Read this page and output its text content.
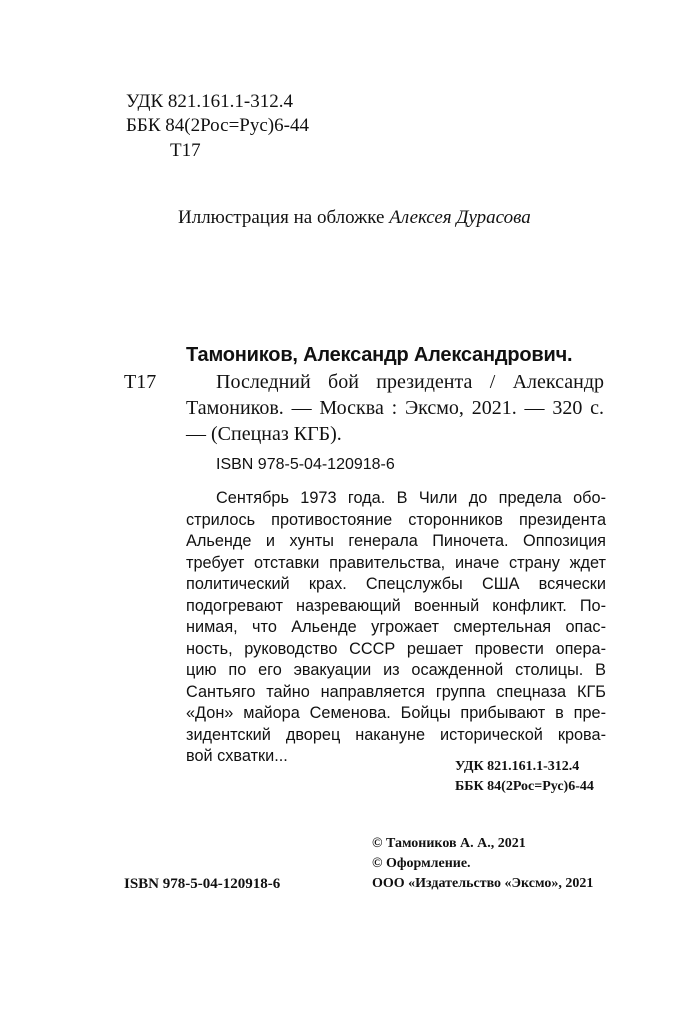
УДК 821.161.1-312.4
ББК 84(2Рос=Рус)6-44
Т17
Иллюстрация на обложке Алексея Дурасова
Тамоников, Александр Александрович.
Т17	Последний бой президента / Александр Тамоников. — Москва : Эксмо, 2021. — 320 с. — (Спецназ КГБ).

ISBN 978-5-04-120918-6
Сентябрь 1973 года. В Чили до предела обо-
стрилось противостояние сторонников президента
Альенде и хунты генерала Пиночета. Оппозиция
требует отставки правительства, иначе страну ждет
политический крах. Спецслужбы США всячески
подогревают назревающий военный конфликт. По-
нимая, что Альенде угрожает смертельная опас-
ность, руководство СССР решает провести опера-
цию по его эвакуации из осажденной столицы. В
Сантьяго тайно направляется группа спецназа КГБ
«Дон» майора Семенова. Бойцы прибывают в пре-
зидентский дворец накануне исторической крова-
вой схватки...
УДК 821.161.1-312.4
ББК 84(2Рос=Рус)6-44
© Тамоников А. А., 2021
© Оформление.
ООО «Издательство «Эксмо», 2021
ISBN 978-5-04-120918-6
